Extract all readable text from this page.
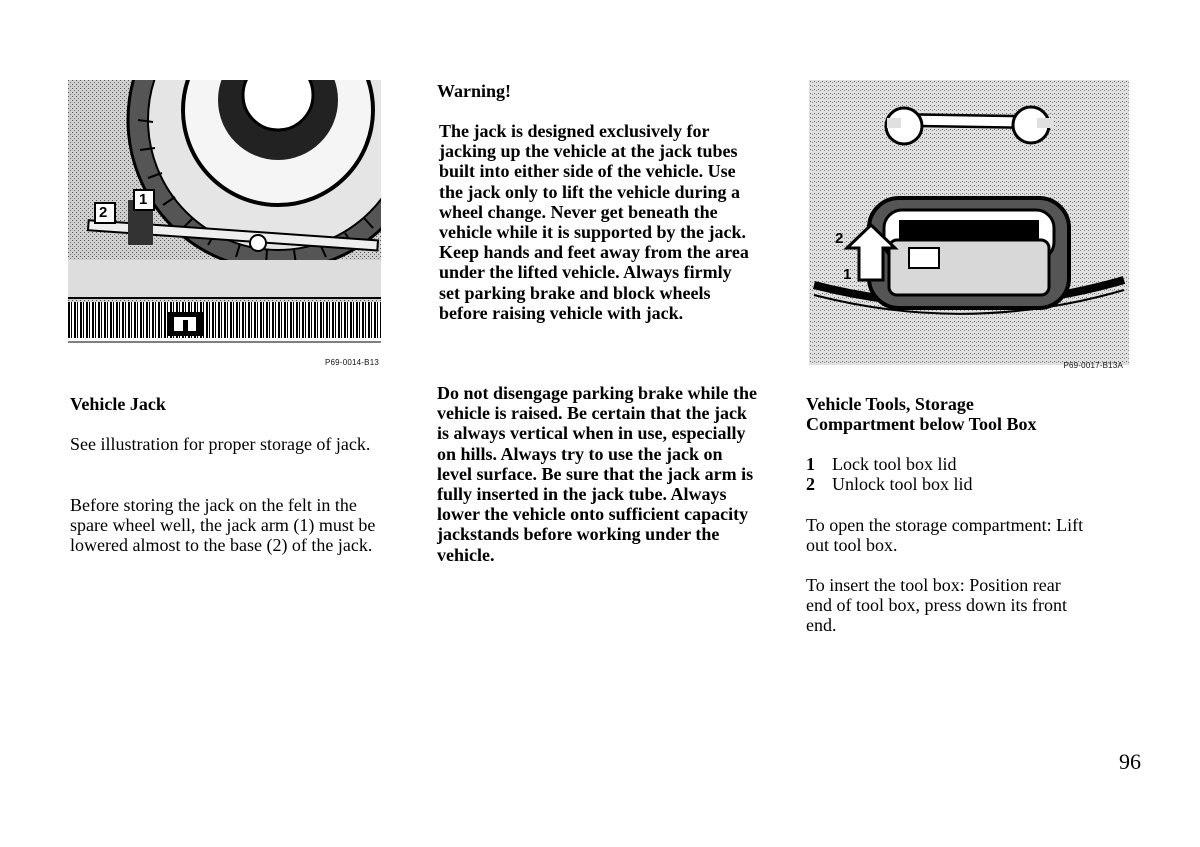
2
1
P69-0014-B13
Vehicle Jack

See illustration for proper storage of jack.

Before storing the jack on the felt in the spare wheel well, the jack arm (1) must be lowered almost to the base (2) of the jack.

Warning!

The jack is designed exclusively for jacking up the vehicle at the jack tubes built into either side of the vehicle. Use the jack only to lift the vehicle during a wheel change. Never get beneath the vehicle while it is supported by the jack. Keep hands and feet away from the area under the lifted vehicle. Always firmly set parking brake and block wheels before raising vehicle with jack.

Do not disengage parking brake while the vehicle is raised. Be certain that the jack is always vertical when in use, especially on hills. Always try to use the jack on level surface. Be sure that the jack arm is fully inserted in the jack tube. Always lower the vehicle onto sufficient capacity jackstands before working under the vehicle.

2
1
P69-0017-B13A
Vehicle Tools, Storage Compartment below Tool Box
1 Lock tool box lid
2 Unlock tool box lid

To open the storage compartment: Lift out tool box.

To insert the tool box: Position rear end of tool box, press down its front end.

96
